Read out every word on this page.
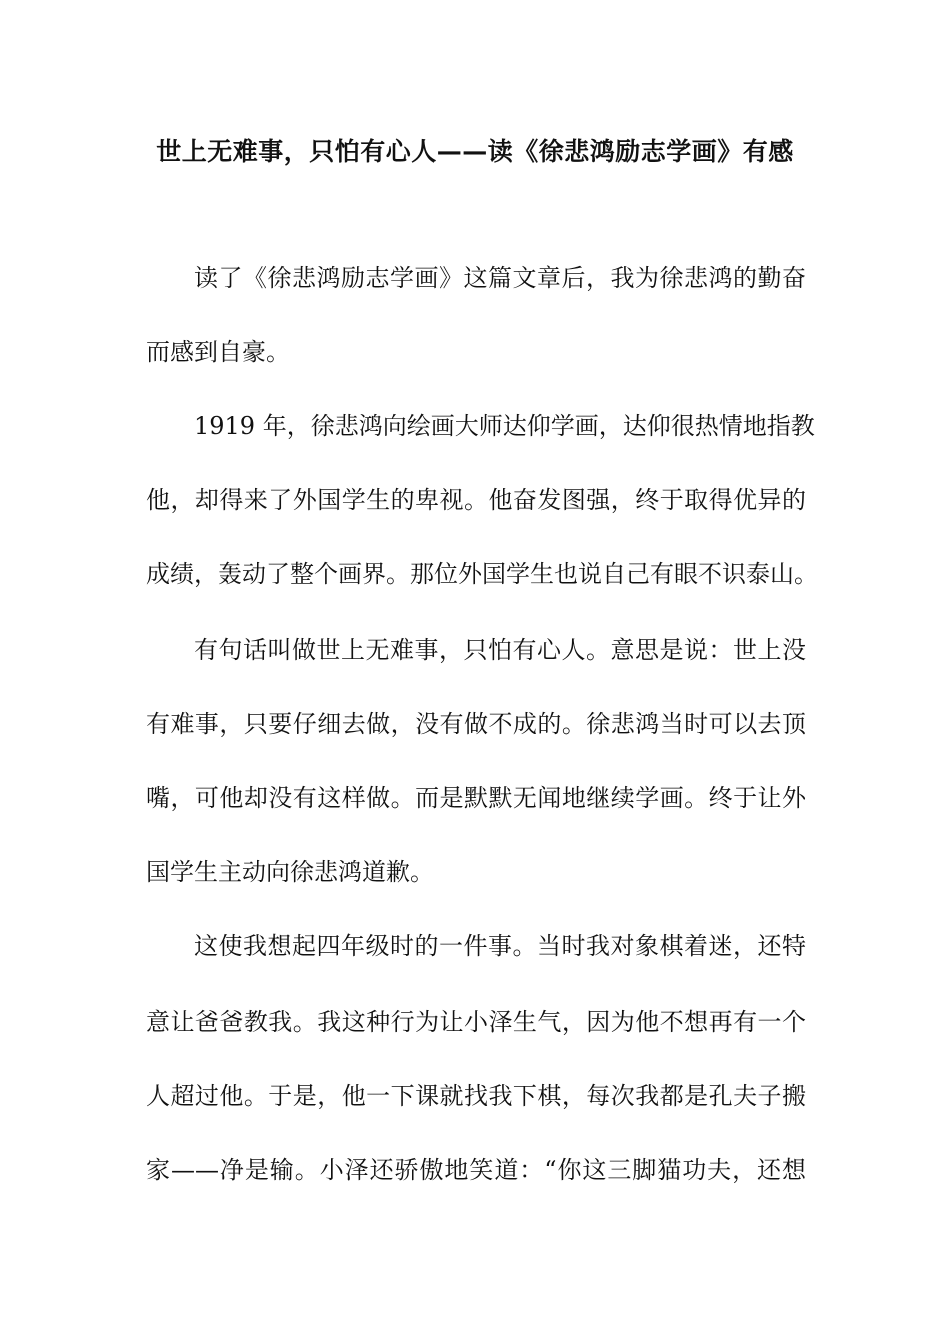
世上无难事，只怕有心人——读《徐悲鸿励志学画》有感
读了《徐悲鸿励志学画》这篇文章后，我为徐悲鸿的勤奋
而感到自豪。
1919 年，徐悲鸿向绘画大师达仰学画，达仰很热情地指教
他，却得来了外国学生的卑视。他奋发图强，终于取得优异的
成绩，轰动了整个画界。那位外国学生也说自己有眼不识泰山。
有句话叫做世上无难事，只怕有心人。意思是说：世上没
有难事，只要仔细去做，没有做不成的。徐悲鸿当时可以去顶
嘴，可他却没有这样做。而是默默无闻地继续学画。终于让外
国学生主动向徐悲鸿道歉。
这使我想起四年级时的一件事。当时我对象棋着迷，还特
意让爸爸教我。我这种行为让小泽生气，因为他不想再有一个
人超过他。于是，他一下课就找我下棋，每次我都是孔夫子搬
家——净是输。小泽还骄傲地笑道：“你这三脚猫功夫，还想
